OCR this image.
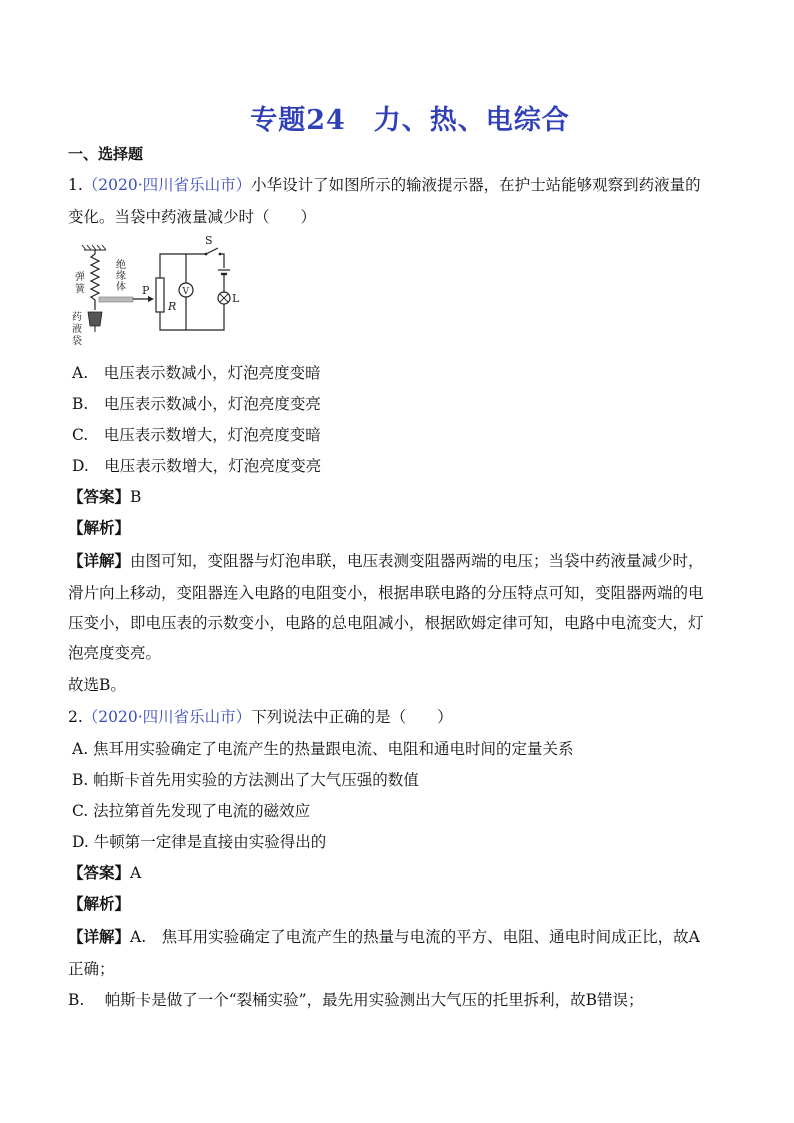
专题24　力、热、电综合
一、选择题
1.（2020·四川省乐山市）小华设计了如图所示的输液提示器，在护士站能够观察到药液量的
变化。当袋中药液量减少时（　　）
弹
簧
绝
缘
体
药
液
袋
P
R
V
S
L
A.　电压表示数减小，灯泡亮度变暗
B.　电压表示数减小，灯泡亮度变亮
C.　电压表示数增大，灯泡亮度变暗
D.　电压表示数增大，灯泡亮度变亮
【答案】B
【解析】
【详解】由图可知，变阻器与灯泡串联，电压表测变阻器两端的电压；当袋中药液量减少时，
滑片向上移动，变阻器连入电路的电阻变小，根据串联电路的分压特点可知，变阻器两端的电
压变小，即电压表的示数变小，电路的总电阻减小，根据欧姆定律可知，电路中电流变大，灯
泡亮度变亮。
故选B。
2.（2020·四川省乐山市）下列说法中正确的是（　　）
A. 焦耳用实验确定了电流产生的热量跟电流、电阻和通电时间的定量关系
B. 帕斯卡首先用实验的方法测出了大气压强的数值
C. 法拉第首先发现了电流的磁效应
D. 牛顿第一定律是直接由实验得出的
【答案】A
【解析】
【详解】A.　焦耳用实验确定了电流产生的热量与电流的平方、电阻、通电时间成正比，故A
正确；
B.　 帕斯卡是做了一个“裂桶实验”，最先用实验测出大气压的托里拆利，故B错误；
